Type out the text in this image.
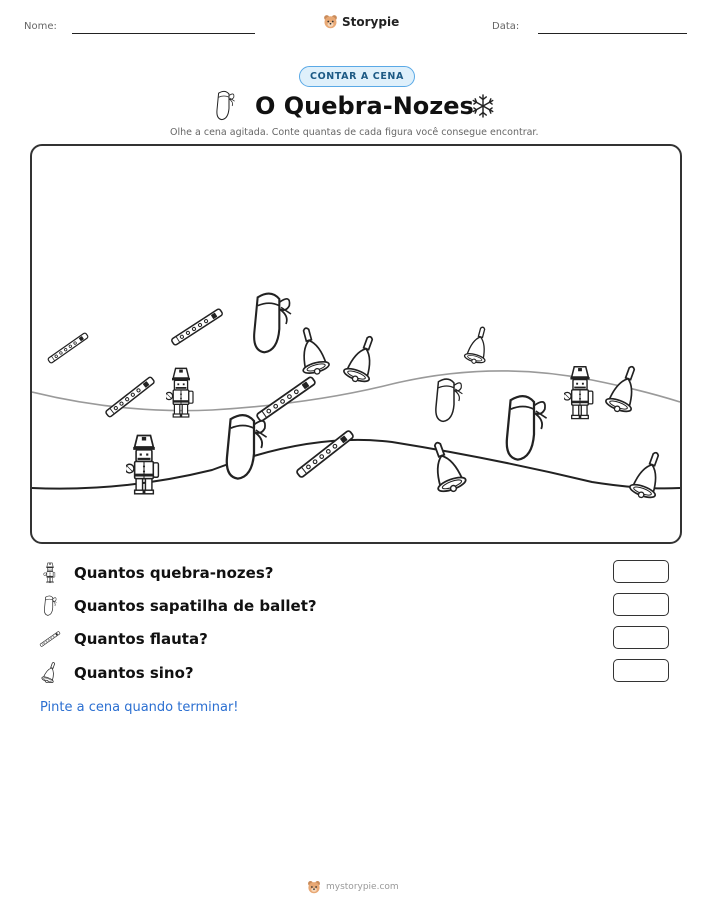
Nome:	Storypie	Data:
CONTAR A CENA
O Quebra-Nozes
Olhe a cena agitada. Conte quantas de cada figura você consegue encontrar.
Quantos quebra-nozes?
Quantos sapatilha de ballet?
Quantos flauta?
Quantos sino?
Pinte a cena quando terminar!
mystorypie.com
